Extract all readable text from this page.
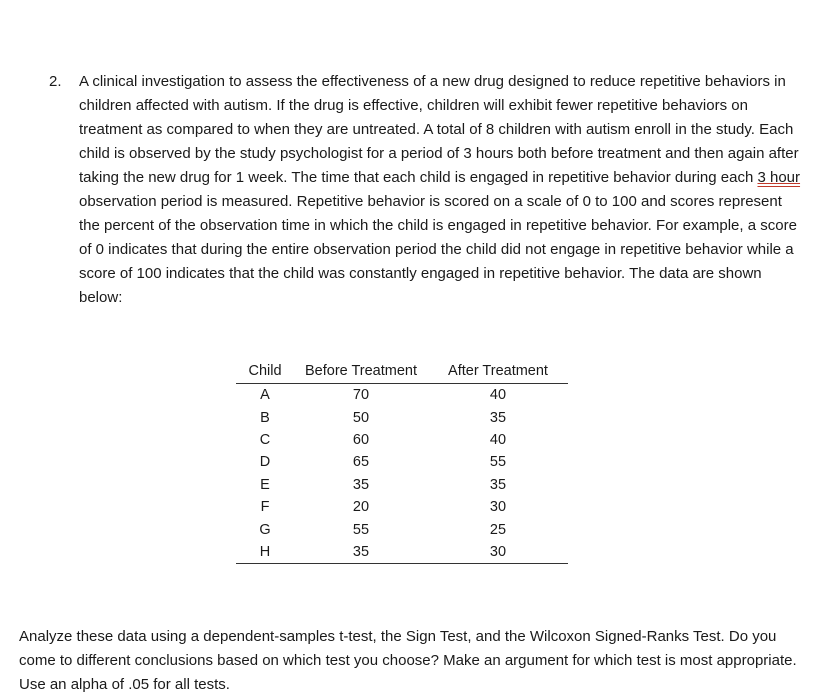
2. A clinical investigation to assess the effectiveness of a new drug designed to reduce repetitive behaviors in children affected with autism. If the drug is effective, children will exhibit fewer repetitive behaviors on treatment as compared to when they are untreated. A total of 8 children with autism enroll in the study. Each child is observed by the study psychologist for a period of 3 hours both before treatment and then again after taking the new drug for 1 week. The time that each child is engaged in repetitive behavior during each 3 hour observation period is measured. Repetitive behavior is scored on a scale of 0 to 100 and scores represent the percent of the observation time in which the child is engaged in repetitive behavior. For example, a score of 0 indicates that during the entire observation period the child did not engage in repetitive behavior while a score of 100 indicates that the child was constantly engaged in repetitive behavior. The data are shown below:
Child	Before Treatment	After Treatment
A	70	40
B	50	35
C	60	40
D	65	55
E	35	35
F	20	30
G	55	25
H	35	30
Analyze these data using a dependent-samples t-test, the Sign Test, and the Wilcoxon Signed-Ranks Test. Do you come to different conclusions based on which test you choose? Make an argument for which test is most appropriate. Use an alpha of .05 for all tests.
